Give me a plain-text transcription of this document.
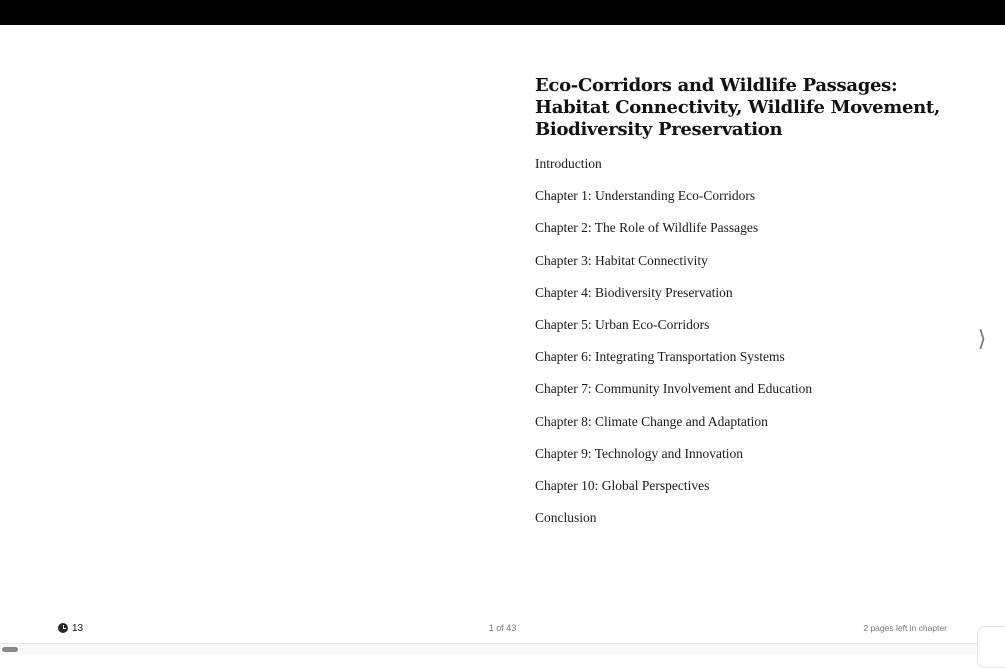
Eco-Corridors and Wildlife Passages: Habitat Connectivity, Wildlife Movement, Biodiversity Preservation
Introduction
Chapter 1: Understanding Eco-Corridors
Chapter 2: The Role of Wildlife Passages
Chapter 3: Habitat Connectivity
Chapter 4: Biodiversity Preservation
Chapter 5: Urban Eco-Corridors
Chapter 6: Integrating Transportation Systems
Chapter 7: Community Involvement and Education
Chapter 8: Climate Change and Adaptation
Chapter 9: Technology and Innovation
Chapter 10: Global Perspectives
Conclusion
⟩
13	1 of 43	2 pages left in chapter
